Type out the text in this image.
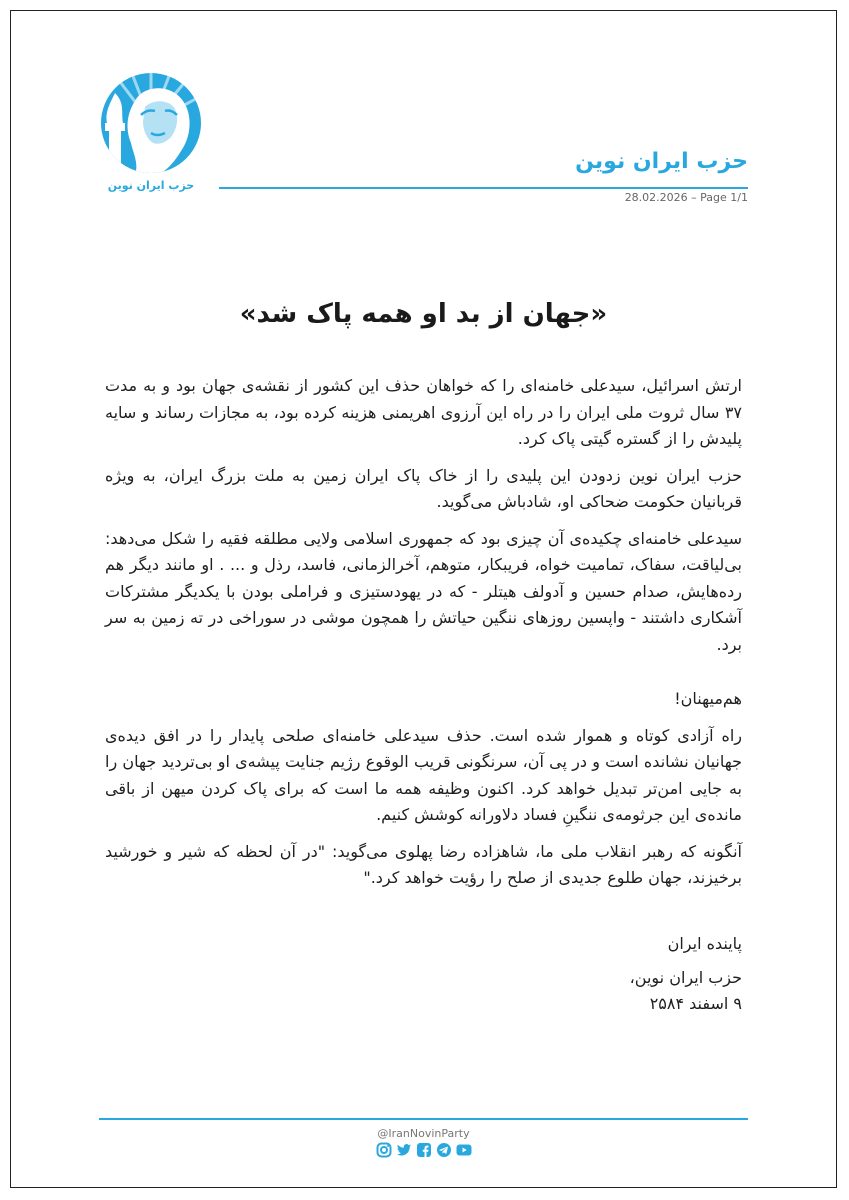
حزب ایران نوین
حزب ایران نوین
28.02.2026 – Page 1/1
«جهان از بد او همه پاک شد»

ارتش اسرائیل، سیدعلی خامنه‌ای را که خواهان حذف این کشور از نقشه‌ی جهان بود و به مدت ۳۷ سال ثروت ملی ایران را در راه این آرزوی اهریمنی هزینه کرده بود، به مجازات رساند و سایه پلیدش را از گستره گیتی پاک کرد.

حزب ایران نوین زدودن این پلیدی را از خاک پاک ایران زمین به ملت بزرگ ایران، به ویژه قربانیان حکومت ضحاکی او، شادباش می‌گوید.

سیدعلی خامنه‌ای چکیده‌ی آن چیزی بود که جمهوری اسلامی ولایی مطلقه فقیه را شکل می‌دهد: بی‌لیاقت، سفاک، تمامیت خواه، فریبکار، متوهم، آخرالزمانی، فاسد، رذل و ... . او مانند دیگر هم رده‌هایش، صدام حسین و آدولف هیتلر - که در یهودستیزی و فراملی بودن با یکدیگر مشترکات آشکاری داشتند - واپسین روزهای ننگین حیاتش را همچون موشی در سوراخی در ته زمین به سر برد.

هم‌میهنان!

راه آزادی کوتاه و هموار شده است. حذف سیدعلی خامنه‌ای صلحی پایدار را در افق دیده‌ی جهانیان نشانده است و در پی آن، سرنگونی قریب الوقوع رژیم جنایت پیشه‌ی او بی‌تردید جهان را به جایی امن‌تر تبدیل خواهد کرد. اکنون وظیفه همه ما است که برای پاک کردن میهن از باقی مانده‌ی این جرثومه‌ی ننگینِ فساد دلاورانه کوشش کنیم.

آنگونه که رهبر انقلاب ملی ما، شاهزاده رضا پهلوی می‌گوید: "در آن لحظه که شیر و خورشید برخیزند، جهان طلوع جدیدی از صلح را رؤیت خواهد کرد."

پاینده ایران
حزب ایران نوین،
۹ اسفند ۲۵۸۴
@IranNovinParty
